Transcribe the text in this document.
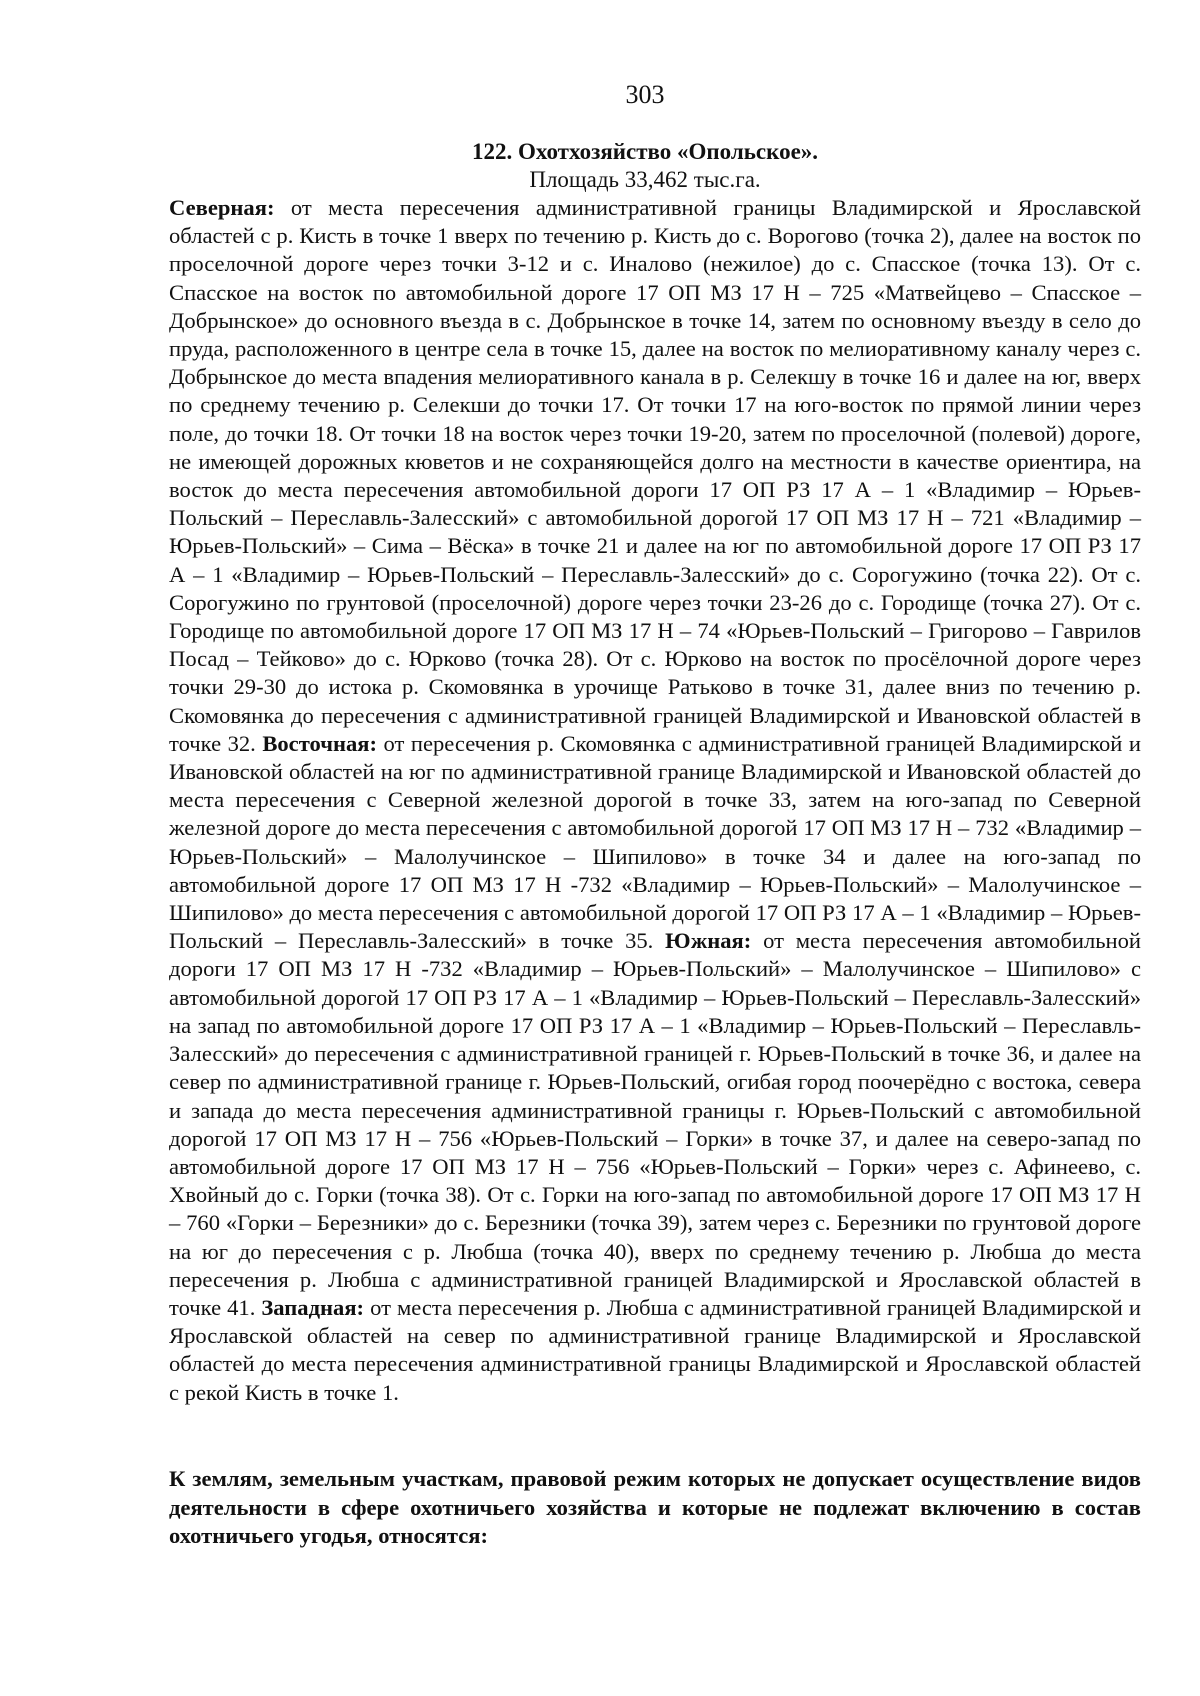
303
122. Охотхозяйство «Опольское».
Площадь 33,462 тыс.га.

Северная: от места пересечения административной границы Владимирской и Ярославской областей с р. Кисть в точке 1 вверх по течению р. Кисть до с. Ворогово (точка 2), далее на восток по проселочной дороге через точки 3-12 и с. Иналово (нежилое) до с. Спасское (точка 13). От с. Спасское на восток по автомобильной дороге 17 ОП МЗ 17 Н – 725 «Матвейцево – Спасское – Добрынское» до основного въезда в с. Добрынское в точке 14, затем по основному въезду в село до пруда, расположенного в центре села в точке 15, далее на восток по мелиоративному каналу через с. Добрынское до места впадения мелиоративного канала в р. Селекшу в точке 16 и далее на юг, вверх по среднему течению р. Селекши до точки 17. От точки 17 на юго-восток по прямой линии через поле, до точки 18. От точки 18 на восток через точки 19-20, затем по проселочной (полевой) дороге, не имеющей дорожных кюветов и не сохраняющейся долго на местности в качестве ориентира, на восток до места пересечения автомобильной дороги 17 ОП РЗ 17 А – 1 «Владимир – Юрьев-Польский – Переславль-Залесский» с автомобильной дорогой 17 ОП МЗ 17 Н – 721 «Владимир – Юрьев-Польский» – Сима – Вёска» в точке 21 и далее на юг по автомобильной дороге 17 ОП РЗ 17 А – 1 «Владимир – Юрьев-Польский – Переславль-Залесский» до с. Сорогужино (точка 22). От с. Сорогужино по грунтовой (проселочной) дороге через точки 23-26 до с. Городище (точка 27). От с. Городище по автомобильной дороге 17 ОП МЗ 17 Н – 74 «Юрьев-Польский – Григорово – Гаврилов Посад – Тейково» до с. Юрково (точка 28). От с. Юрково на восток по просёлочной дороге через точки 29-30 до истока р. Скомовянка в урочище Ратьково в точке 31, далее вниз по течению р. Скомовянка до пересечения с административной границей Владимирской и Ивановской областей в точке 32. Восточная: от пересечения р. Скомовянка с административной границей Владимирской и Ивановской областей на юг по административной границе Владимирской и Ивановской областей до места пересечения с Северной железной дорогой в точке 33, затем на юго-запад по Северной железной дороге до места пересечения с автомобильной дорогой 17 ОП МЗ 17 Н – 732 «Владимир – Юрьев-Польский» – Малолучинское – Шипилово» в точке 34 и далее на юго-запад по автомобильной дороге 17 ОП МЗ 17 Н -732 «Владимир – Юрьев-Польский» – Малолучинское – Шипилово» до места пересечения с автомобильной дорогой 17 ОП РЗ 17 А – 1 «Владимир – Юрьев-Польский – Переславль-Залесский» в точке 35. Южная: от места пересечения автомобильной дороги 17 ОП МЗ 17 Н -732 «Владимир – Юрьев-Польский» – Малолучинское – Шипилово» с автомобильной дорогой 17 ОП РЗ 17 А – 1 «Владимир – Юрьев-Польский – Переславль-Залесский» на запад по автомобильной дороге 17 ОП РЗ 17 А – 1 «Владимир – Юрьев-Польский – Переславль-Залесский» до пересечения с административной границей г. Юрьев-Польский в точке 36, и далее на север по административной границе г. Юрьев-Польский, огибая город поочерёдно с востока, севера и запада до места пересечения административной границы г. Юрьев-Польский с автомобильной дорогой 17 ОП МЗ 17 Н – 756 «Юрьев-Польский – Горки» в точке 37, и далее на северо-запад по автомобильной дороге 17 ОП МЗ 17 Н – 756 «Юрьев-Польский – Горки» через с. Афинеево, с. Хвойный до с. Горки (точка 38). От с. Горки на юго-запад по автомобильной дороге 17 ОП МЗ 17 Н – 760 «Горки – Березники» до с. Березники (точка 39), затем через с. Березники по грунтовой дороге на юг до пересечения с р. Любша (точка 40), вверх по среднему течению р. Любша до места пересечения р. Любша с административной границей Владимирской и Ярославской областей в точке 41. Западная: от места пересечения р. Любша с административной границей Владимирской и Ярославской областей на север по административной границе Владимирской и Ярославской областей до места пересечения административной границы Владимирской и Ярославской областей с рекой Кисть в точке 1.

К землям, земельным участкам, правовой режим которых не допускает осуществление видов деятельности в сфере охотничьего хозяйства и которые не подлежат включению в состав охотничьего угодья, относятся:
